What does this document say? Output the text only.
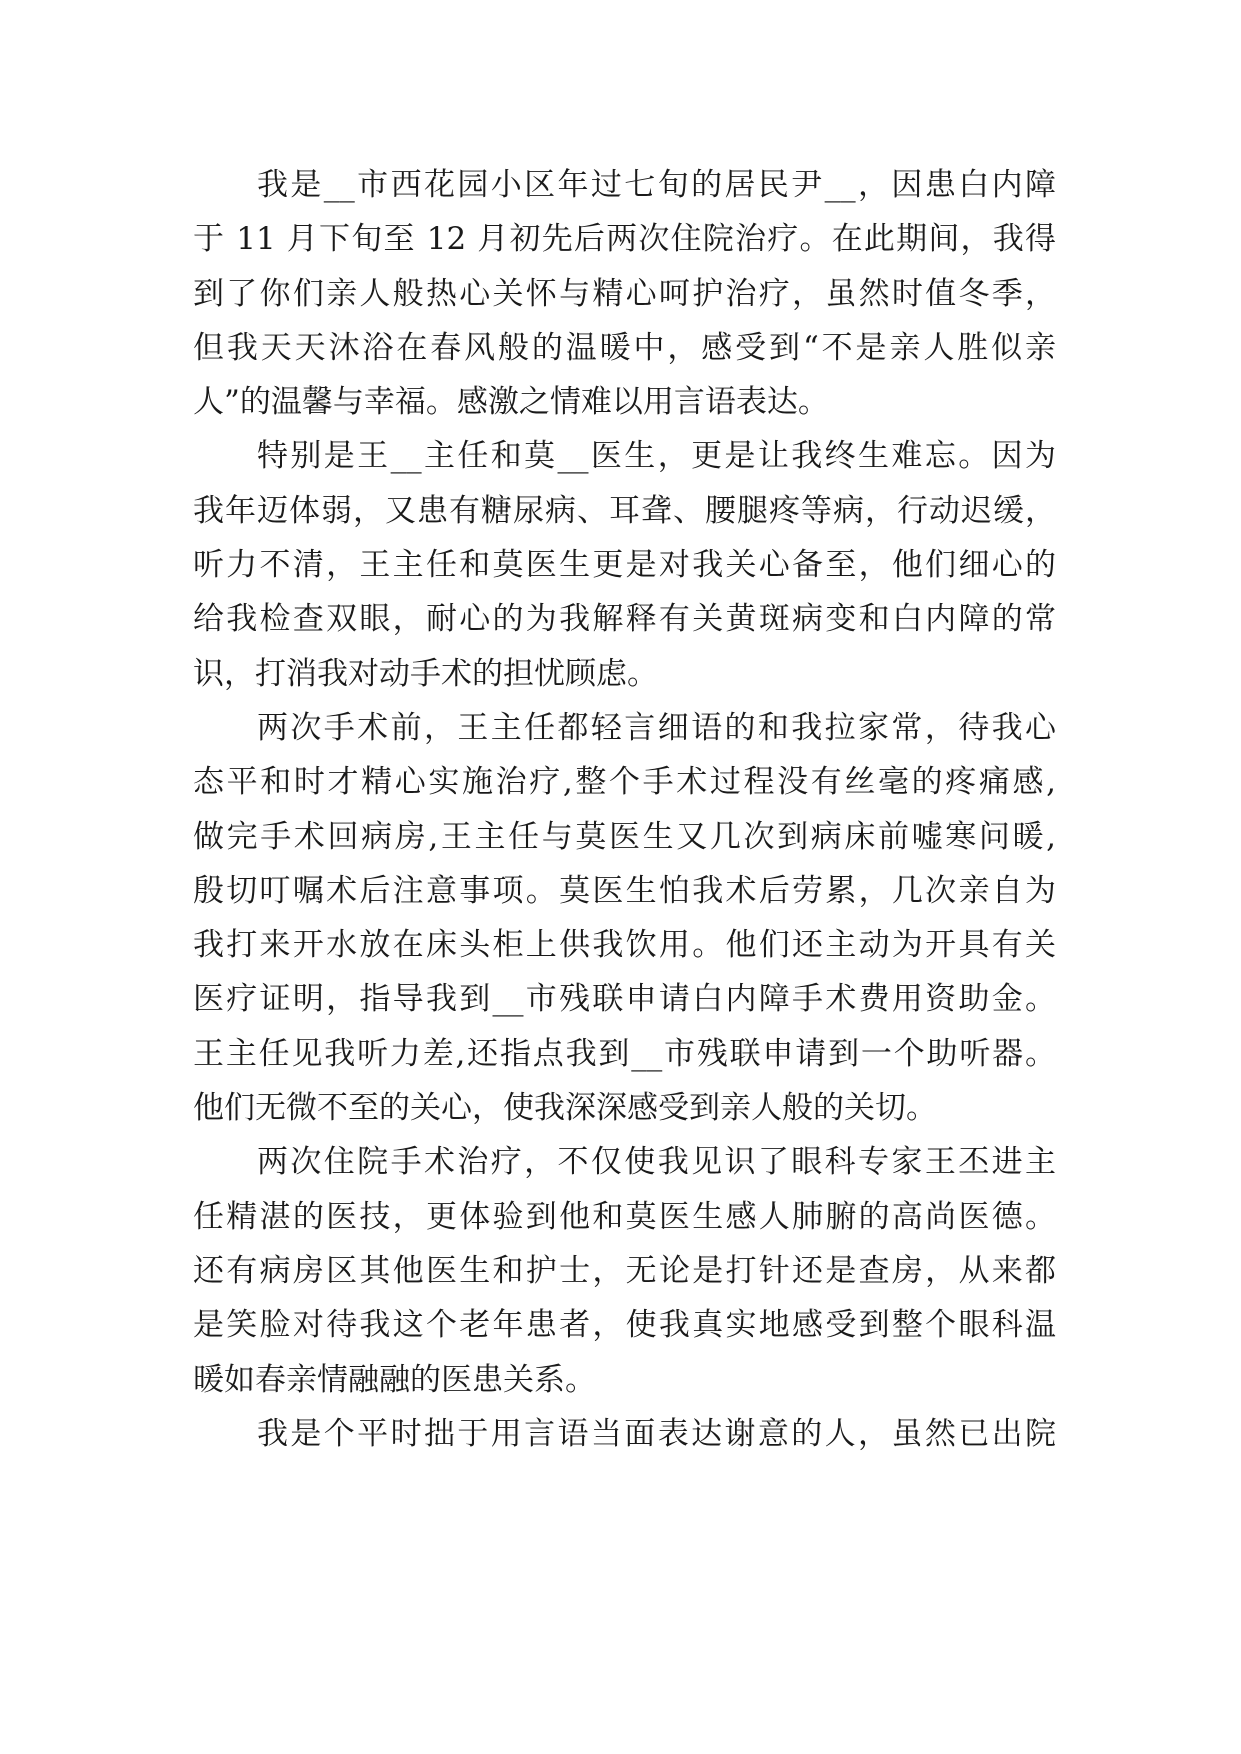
我是__市西花园小区年过七旬的居民尹__，因患白内障
于 11 月下旬至 12 月初先后两次住院治疗。在此期间，我得
到了你们亲人般热心关怀与精心呵护治疗，虽然时值冬季，
但我天天沐浴在春风般的温暖中，感受到“不是亲人胜似亲
人”的温馨与幸福。感激之情难以用言语表达。
特别是王__主任和莫__医生，更是让我终生难忘。因为
我年迈体弱，又患有糖尿病、耳聋、腰腿疼等病，行动迟缓，
听力不清，王主任和莫医生更是对我关心备至，他们细心的
给我检查双眼，耐心的为我解释有关黄斑病变和白内障的常
识，打消我对动手术的担忧顾虑。
两次手术前，王主任都轻言细语的和我拉家常，待我心
态平和时才精心实施治疗,整个手术过程没有丝毫的疼痛感,
做完手术回病房,王主任与莫医生又几次到病床前嘘寒问暖,
殷切叮嘱术后注意事项。莫医生怕我术后劳累，几次亲自为
我打来开水放在床头柜上供我饮用。他们还主动为开具有关
医疗证明，指导我到__市残联申请白内障手术费用资助金。
王主任见我听力差,还指点我到__市残联申请到一个助听器。
他们无微不至的关心，使我深深感受到亲人般的关切。
两次住院手术治疗，不仅使我见识了眼科专家王丕进主
任精湛的医技，更体验到他和莫医生感人肺腑的高尚医德。
还有病房区其他医生和护士，无论是打针还是查房，从来都
是笑脸对待我这个老年患者，使我真实地感受到整个眼科温
暖如春亲情融融的医患关系。
我是个平时拙于用言语当面表达谢意的人，虽然已出院
